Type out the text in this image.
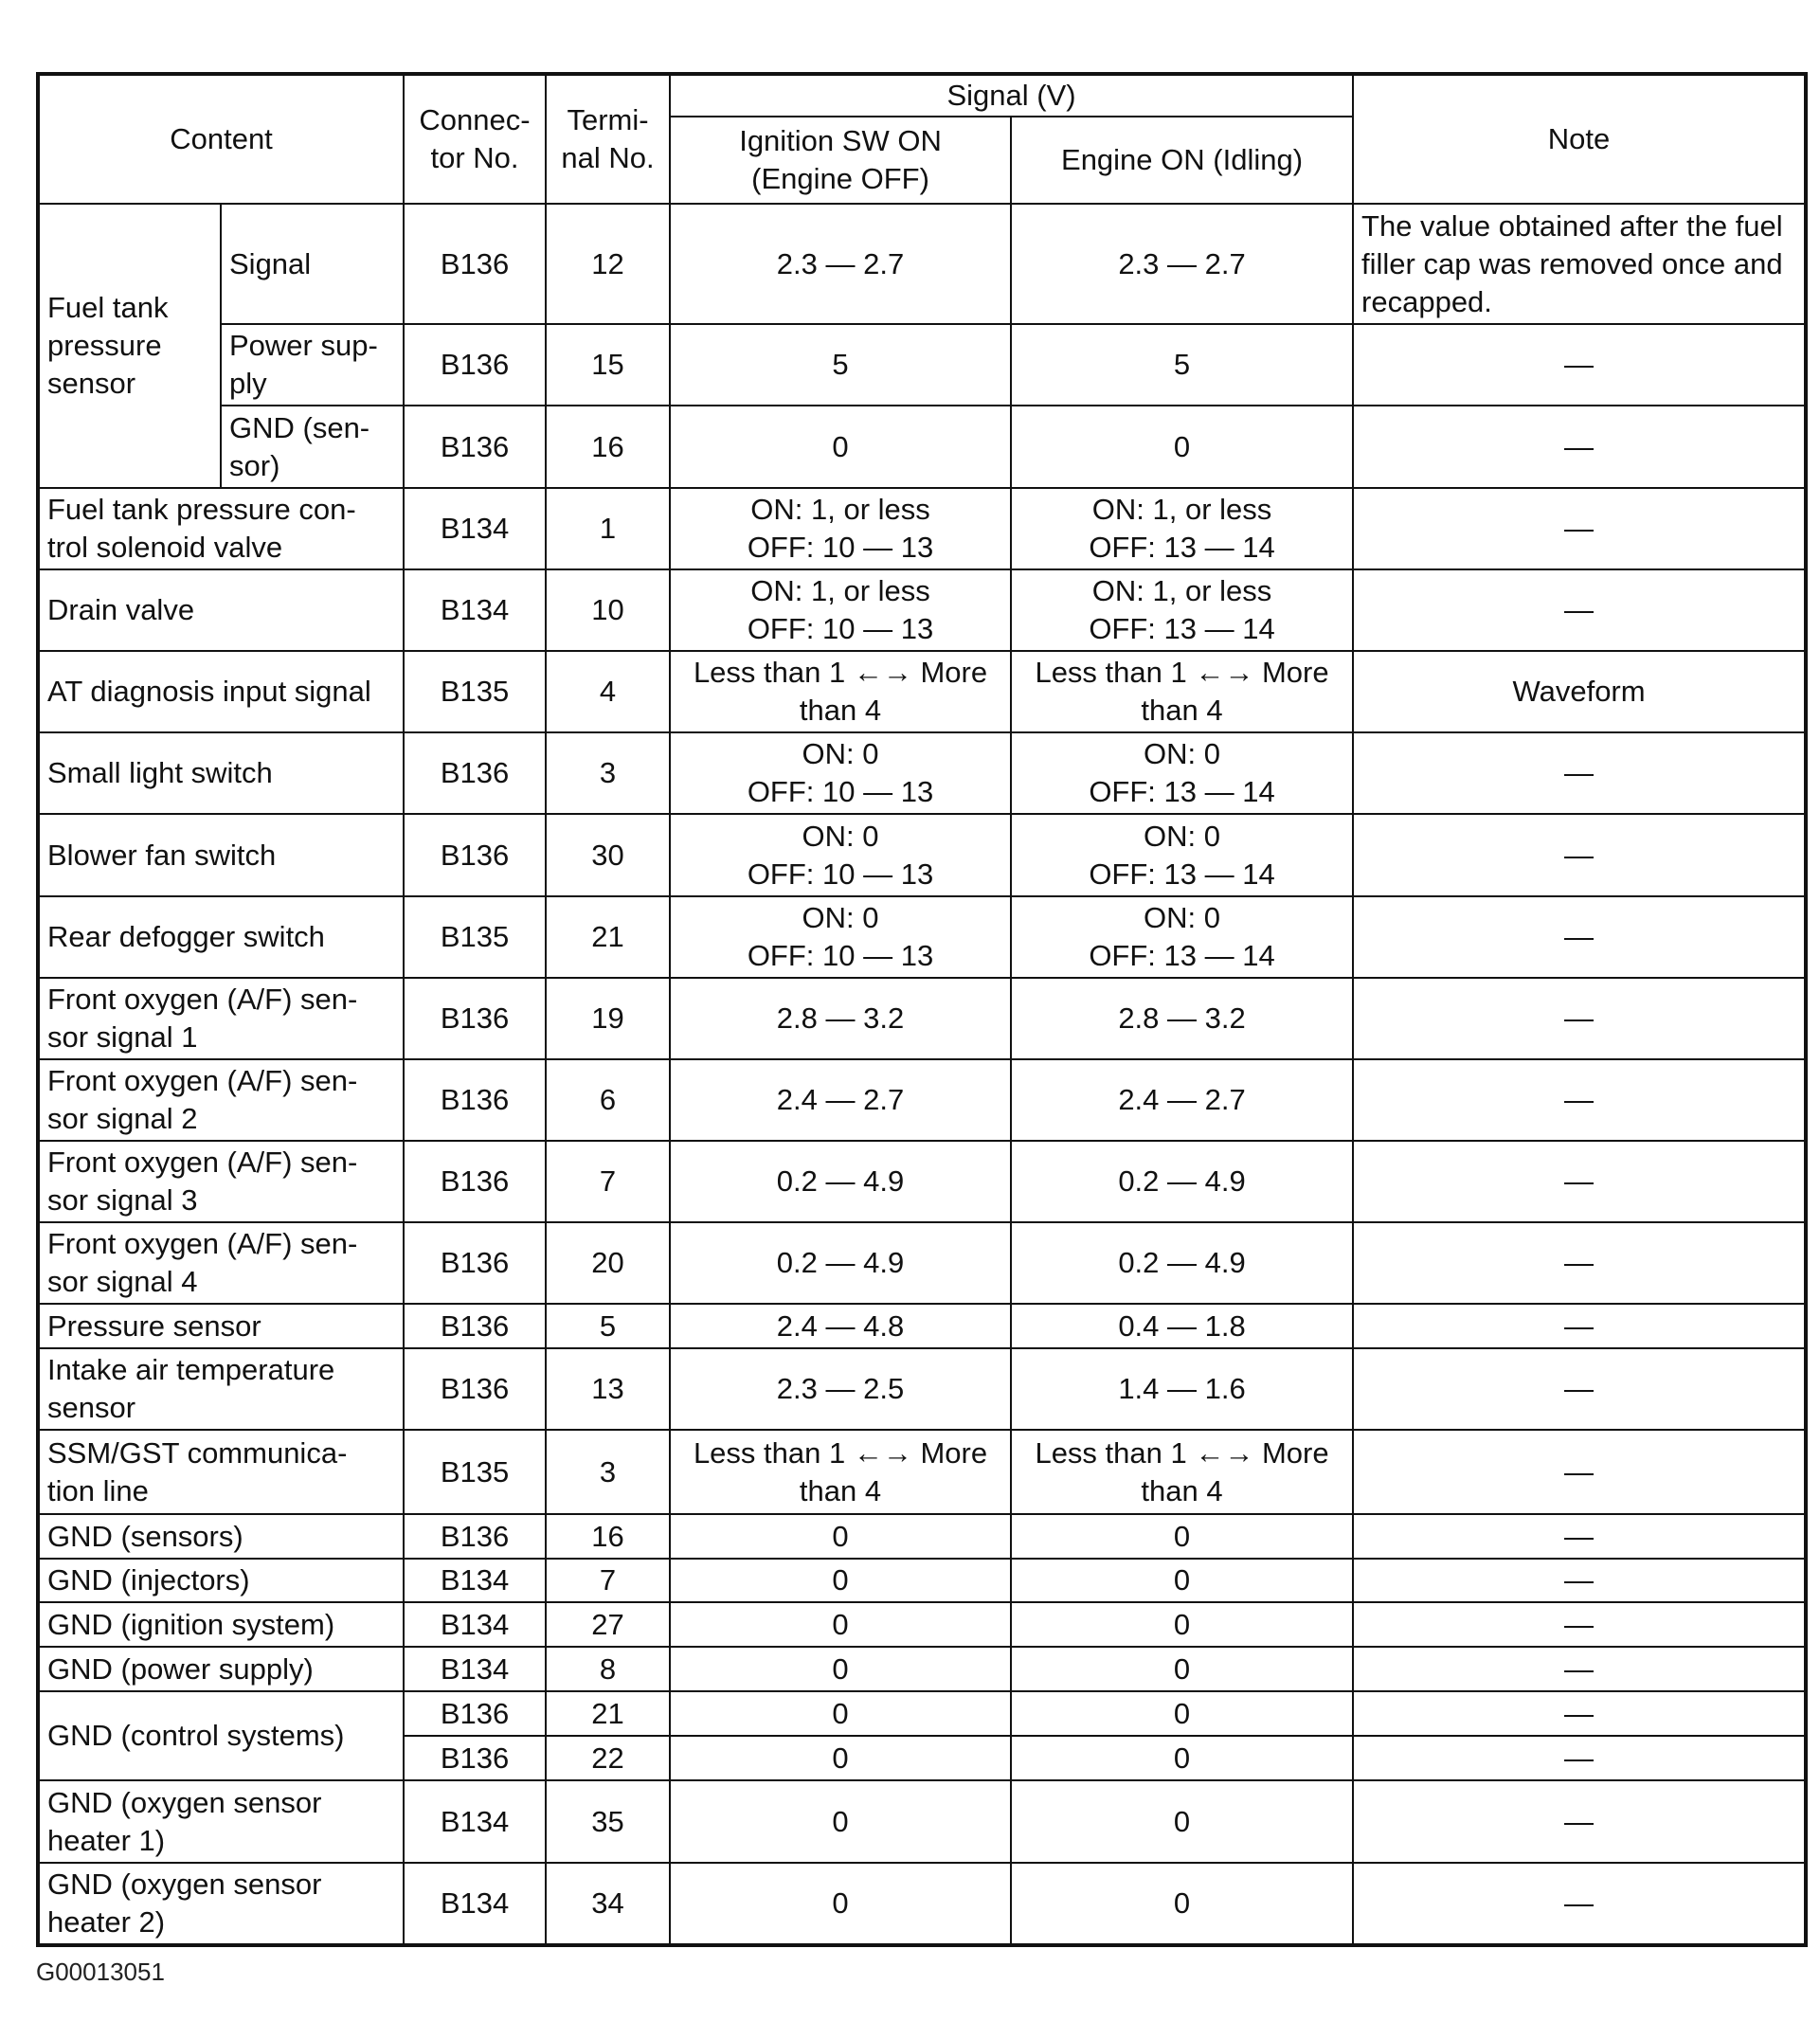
Content		Connec-
tor No.	Termi-
nal No.	Signal (V)		Note
				Ignition SW ON
(Engine OFF)	Engine ON (Idling)	
Fuel tank
pressure
sensor	Signal	B136	12	2.3 — 2.7	2.3 — 2.7	The value obtained after the fuel filler cap was removed once and recapped.
	Power sup-
ply	B136	15	5	5	—
	GND (sen-
sor)	B136	16	0	0	—
Fuel tank pressure con-
trol solenoid valve		B134	1	ON: 1, or less
OFF: 10 — 13	ON: 1, or less
OFF: 13 — 14	—
Drain valve		B134	10	ON: 1, or less
OFF: 10 — 13	ON: 1, or less
OFF: 13 — 14	—
AT diagnosis input signal		B135	4	Less than 1 ←→ More
than 4	Less than 1 ←→ More
than 4	Waveform
Small light switch		B136	3	ON: 0
OFF: 10 — 13	ON: 0
OFF: 13 — 14	—
Blower fan switch		B136	30	ON: 0
OFF: 10 — 13	ON: 0
OFF: 13 — 14	—
Rear defogger switch		B135	21	ON: 0
OFF: 10 — 13	ON: 0
OFF: 13 — 14	—
Front oxygen (A/F) sen-
sor signal 1		B136	19	2.8 — 3.2	2.8 — 3.2	—
Front oxygen (A/F) sen-
sor signal 2		B136	6	2.4 — 2.7	2.4 — 2.7	—
Front oxygen (A/F) sen-
sor signal 3		B136	7	0.2 — 4.9	0.2 — 4.9	—
Front oxygen (A/F) sen-
sor signal 4		B136	20	0.2 — 4.9	0.2 — 4.9	—
Pressure sensor		B136	5	2.4 — 4.8	0.4 — 1.8	—
Intake air temperature
sensor		B136	13	2.3 — 2.5	1.4 — 1.6	—
SSM/GST communica-
tion line		B135	3	Less than 1 ←→ More
than 4	Less than 1 ←→ More
than 4	—
GND (sensors)		B136	16	0	0	—
GND (injectors)		B134	7	0	0	—
GND (ignition system)		B134	27	0	0	—
GND (power supply)		B134	8	0	0	—
GND (control systems)		B136	21	0	0	—
		B136	22	0	0	—
GND (oxygen sensor
heater 1)		B134	35	0	0	—
GND (oxygen sensor
heater 2)		B134	34	0	0	—
G00013051
